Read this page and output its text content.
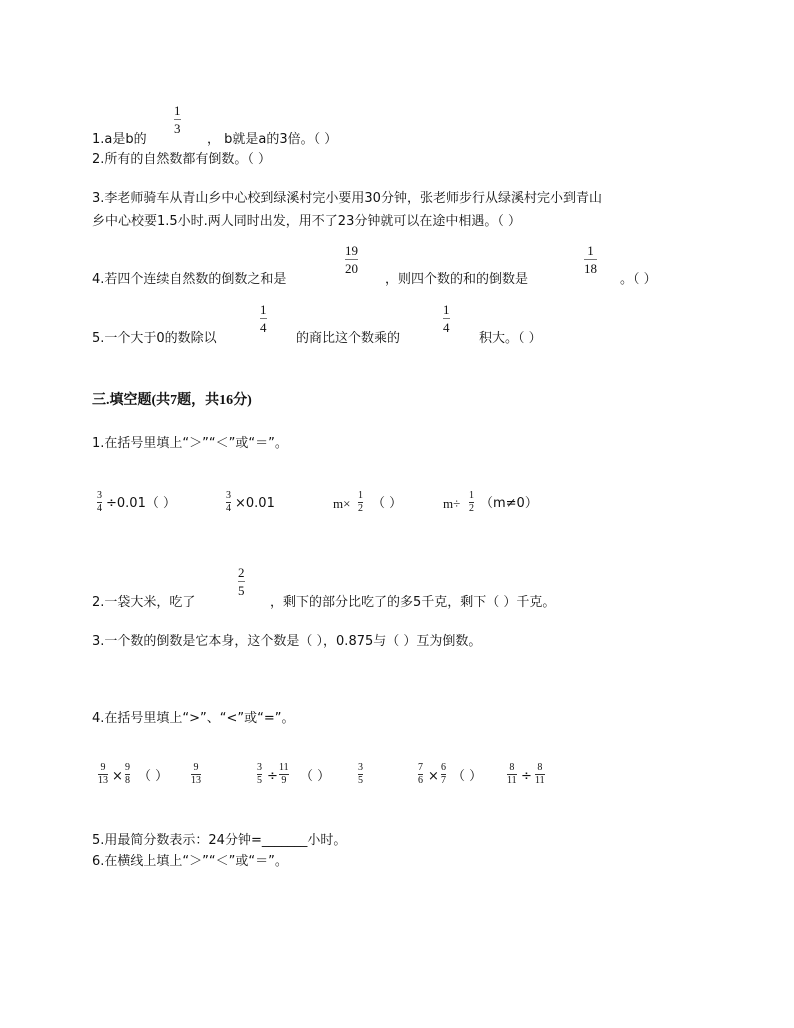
1.a是b的
1
3
， b就是a的3倍。（ ）
2.所有的自然数都有倒数。（ ）
3.李老师骑车从青山乡中心校到绿溪村完小要用30分钟，张老师步行从绿溪村完小到青山
乡中心校要1.5小时.两人同时出发，用不了23分钟就可以在途中相遇。（ ）
4.若四个连续自然数的倒数之和是
19
20
，则四个数的和的倒数是
1
18
。（ ）
5.一个大于0的数除以
1
4
的商比这个数乘的
1
4
积大。（ ）
三.填空题(共7题，共16分)
1.在括号里填上“＞”“＜”或“＝”。
3
4 ÷0.01（ ）
3
4 ×0.01	m×
1
2 （ ）	m÷
1
2 （m≠0）
2.一袋大米，吃了
2
5
，剩下的部分比吃了的多5千克，剩下（ ）千克。
3.一个数的倒数是它本身，这个数是（ ），0.875与（ ）互为倒数。
4.在括号里填上“>”、“<”或“=”。
9
13 ×
9
8 （ ）
9
13
3
5 ÷
11
9 （ ）
3
5
7
6 ×
6
7 （ ）
8
11 ÷
8
11
5.用最简分数表示：24分钟=_______小时。
6.在横线上填上“＞”“＜”或“＝”。
